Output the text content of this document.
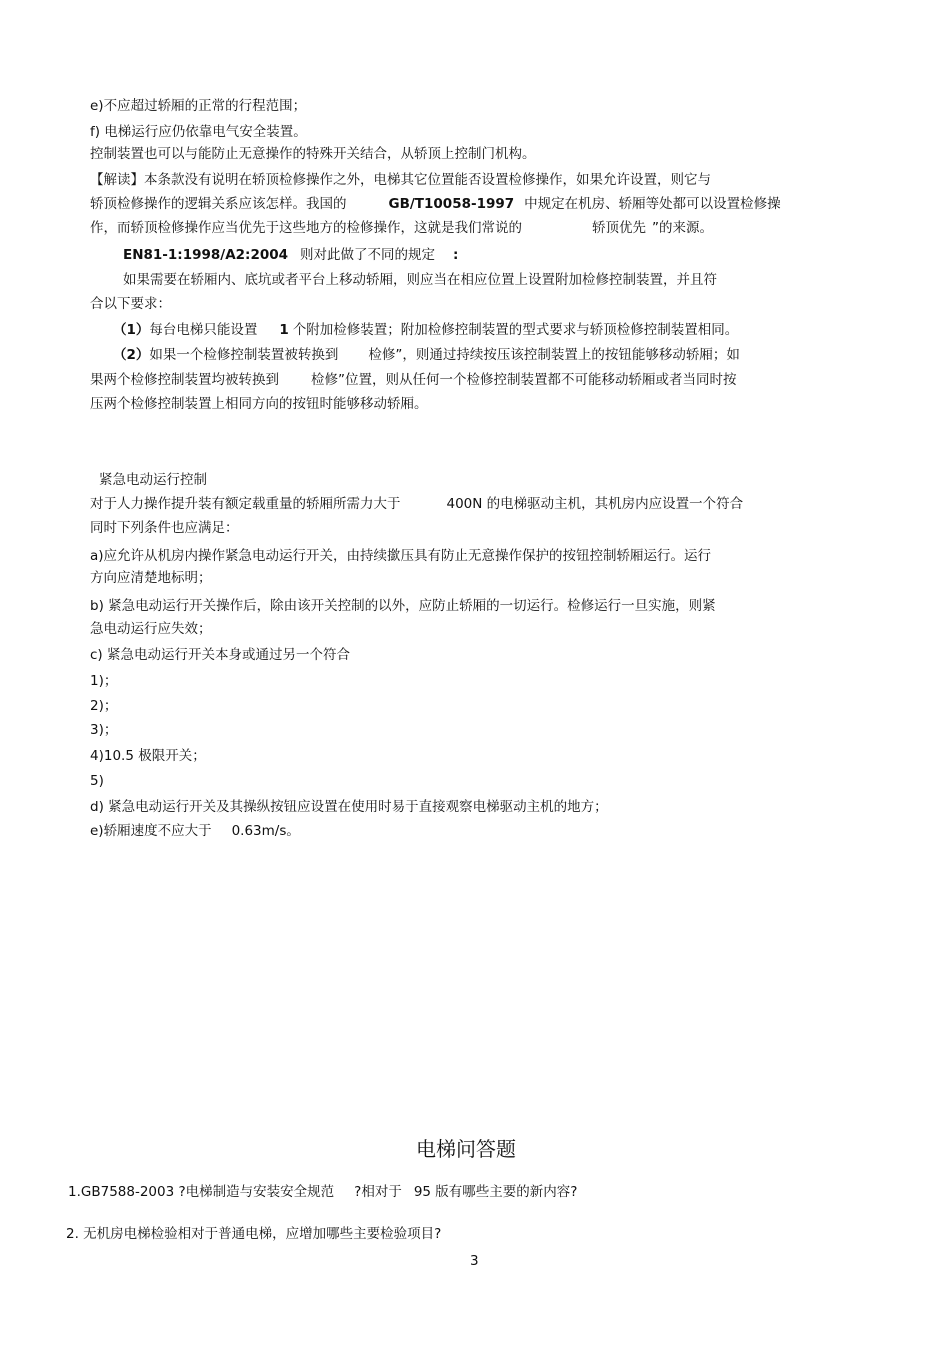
e)不应超过轿厢的正常的行程范围；
f) 电梯运行应仍依靠电气安全装置。
控制装置也可以与能防止无意操作的特殊开关结合，从轿顶上控制门机构。
【解读】本条款没有说明在轿顶检修操作之外，电梯其它位置能否设置检修操作，如果允许设置，则它与
轿顶检修操作的逻辑关系应该怎样。我国的	GB/T10058-1997 中规定在机房、轿厢等处都可以设置检修操
作，而轿顶检修操作应当优先于这些地方的检修操作，这就是我们常说的	轿顶优先 ”的来源。
EN81-1:1998/A2:2004 则对此做了不同的规定 :
如果需要在轿厢内、底坑或者平台上移动轿厢，则应当在相应位置上设置附加检修控制装置，并且符
合以下要求：
（1）每台电梯只能设置 1 个附加检修装置；附加检修控制装置的型式要求与轿顶检修控制装置相同。
（2）如果一个检修控制装置被转换到 检修”，则通过持续按压该控制装置上的按钮能够移动轿厢；如
果两个检修控制装置均被转换到 检修”位置，则从任何一个检修控制装置都不可能移动轿厢或者当同时按
压两个检修控制装置上相同方向的按钮时能够移动轿厢。
紧急电动运行控制
对于人力操作提升装有额定载重量的轿厢所需力大于	400N 的电梯驱动主机，其机房内应设置一个符合
同时下列条件也应满足：
a)应允许从机房内操作紧急电动运行开关，由持续撳压具有防止无意操作保护的按钮控制轿厢运行。运行
方向应清楚地标明；
b) 紧急电动运行开关操作后，除由该开关控制的以外，应防止轿厢的一切运行。检修运行一旦实施，则紧
急电动运行应失效；
c) 紧急电动运行开关本身或通过另一个符合
1)；
2)；
3)；
4)10.5 极限开关；
5)
d) 紧急电动运行开关及其操纵按钮应设置在使用时易于直接观察电梯驱动主机的地方；
e)轿厢速度不应大于 0.63m/s。
电梯问答题
1.GB7588-2003 ?电梯制造与安装安全规范 ?相对于 95 版有哪些主要的新内容?
2. 无机房电梯检验相对于普通电梯，应增加哪些主要检验项目?
3
